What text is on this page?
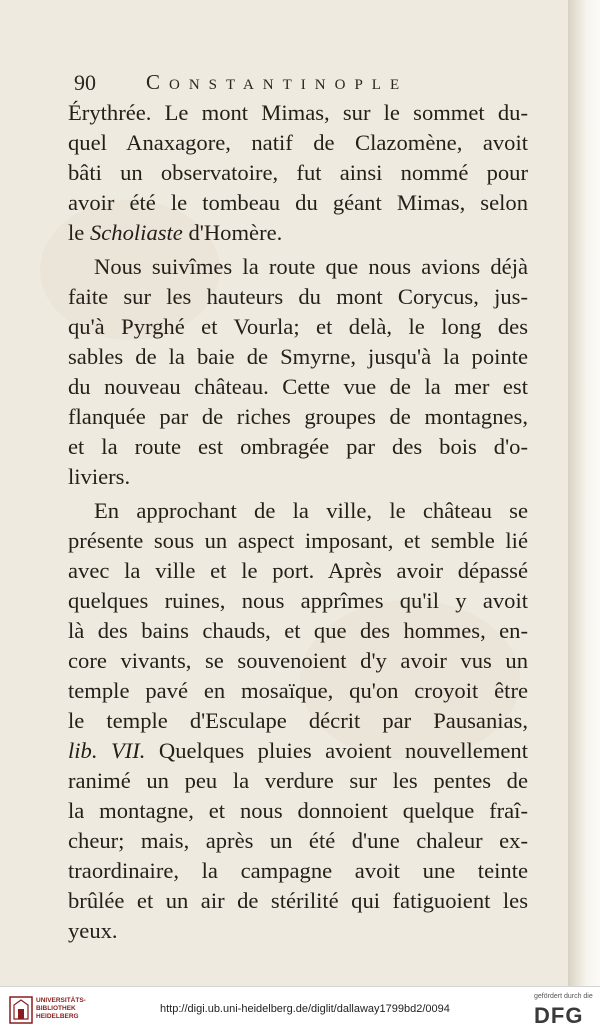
90 Constantinople
Érythrée. Le mont Mimas, sur le sommet du-
quel Anaxagore, natif de Clazomène, avoit
bâti un observatoire, fut ainsi nommé pour
avoir été le tombeau du géant Mimas, selon
le Scholiaste d'Homère.
Nous suivîmes la route que nous avions déjà
faite sur les hauteurs du mont Corycus, jus-
qu'à Pyrghé et Vourla; et delà, le long des
sables de la baie de Smyrne, jusqu'à la pointe
du nouveau château. Cette vue de la mer est
flanquée par de riches groupes de montagnes,
et la route est ombragée par des bois d'o-
liviers.
En approchant de la ville, le château se
présente sous un aspect imposant, et semble lié
avec la ville et le port. Après avoir dépassé
quelques ruines, nous apprîmes qu'il y avoit
là des bains chauds, et que des hommes, en-
core vivants, se souvenoient d'y avoir vus un
temple pavé en mosaïque, qu'on croyoit être
le temple d'Esculape décrit par Pausanias,
lib. VII. Quelques pluies avoient nouvellement
ranimé un peu la verdure sur les pentes de
la montagne, et nous donnoient quelque fraî-
cheur; mais, après un été d'une chaleur ex-
traordinaire, la campagne avoit une teinte
brûlée et un air de stérilité qui fatiguoient les
yeux.
UNIVERSITÄTS-
BIBLIOTHEK
HEIDELBERG
http://digi.ub.uni-heidelberg.de/diglit/dallaway1799bd2/0094
gefördert durch die
DFG
